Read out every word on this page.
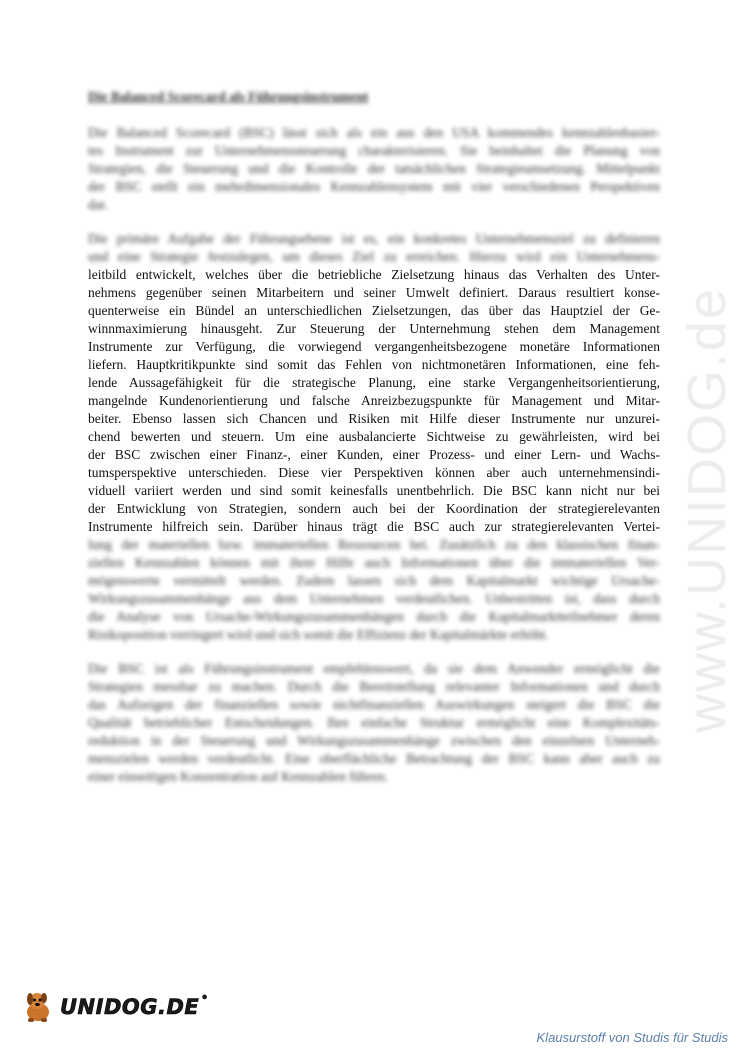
www.UNIDOG.de
Die Balanced Scorecard als Führungsinstrument
Die Balanced Scorecard (BSC) lässt sich als ein aus den USA kommendes kennzahlenbasier-
tes Instrument zur Unternehmenssteuerung charakterisieren. Sie beinhaltet die Planung von
Strategien, die Steuerung und die Kontrolle der tatsächlichen Strategieumsetzung. Mittelpunkt
der BSC stellt ein mehrdimensionales Kennzahlensystem mit vier verschiedenen Perspektiven
dar.
Die primäre Aufgabe der Führungsebene ist es, ein konkretes Unternehmensziel zu definieren
und eine Strategie festzulegen, um dieses Ziel zu erreichen. Hierzu wird ein Unternehmens-
leitbild entwickelt, welches über die betriebliche Zielsetzung hinaus das Verhalten des Unter-
nehmens gegenüber seinen Mitarbeitern und seiner Umwelt definiert. Daraus resultiert konse-
quenterweise ein Bündel an unterschiedlichen Zielsetzungen, das über das Hauptziel der Ge-
winnmaximierung hinausgeht. Zur Steuerung der Unternehmung stehen dem Management
Instrumente zur Verfügung, die vorwiegend vergangenheitsbezogene monetäre Informationen
liefern. Hauptkritikpunkte sind somit das Fehlen von nichtmonetären Informationen, eine feh-
lende Aussagefähigkeit für die strategische Planung, eine starke Vergangenheitsorientierung,
mangelnde Kundenorientierung und falsche Anreizbezugspunkte für Management und Mitar-
beiter. Ebenso lassen sich Chancen und Risiken mit Hilfe dieser Instrumente nur unzurei-
chend bewerten und steuern. Um eine ausbalancierte Sichtweise zu gewährleisten, wird bei
der BSC zwischen einer Finanz-, einer Kunden, einer Prozess- und einer Lern- und Wachs-
tumsperspektive unterschieden. Diese vier Perspektiven können aber auch unternehmensindi-
viduell variiert werden und sind somit keinesfalls unentbehrlich. Die BSC kann nicht nur bei
der Entwicklung von Strategien, sondern auch bei der Koordination der strategierelevanten
Instrumente hilfreich sein. Darüber hinaus trägt die BSC auch zur strategierelevanten Vertei-
lung der materiellen bzw. immateriellen Ressourcen bei. Zusätzlich zu den klassischen finan-
ziellen Kennzahlen können mit ihrer Hilfe auch Informationen über die immateriellen Ver-
mögenswerte vermittelt werden. Zudem lassen sich dem Kapitalmarkt wichtige Ursache-
Wirkungszusammenhänge aus dem Unternehmen verdeutlichen. Unbestritten ist, dass durch
die Analyse von Ursache-Wirkungszusammenhängen durch die Kapitalmarktteilnehmer deren
Risikoposition verringert wird und sich somit die Effizienz der Kapitalmärkte erhöht.
Die BSC ist als Führungsinstrument empfehlenswert, da sie dem Anwender ermöglicht die
Strategien messbar zu machen. Durch die Bereitstellung relevanter Informationen und durch
das Aufzeigen der finanziellen sowie nichtfinanziellen Auswirkungen steigert die BSC die
Qualität betrieblicher Entscheidungen. Ihre einfache Struktur ermöglicht eine Komplexitäts-
reduktion in der Steuerung und Wirkungszusammenhänge zwischen den einzelnen Unterneh-
menszielen werden verdeutlicht. Eine oberflächliche Betrachtung der BSC kann aber auch zu
einer einseitigen Konzentration auf Kennzahlen führen.
UNIDOG.DE ●
Klausurstoff von Studis für Studis
